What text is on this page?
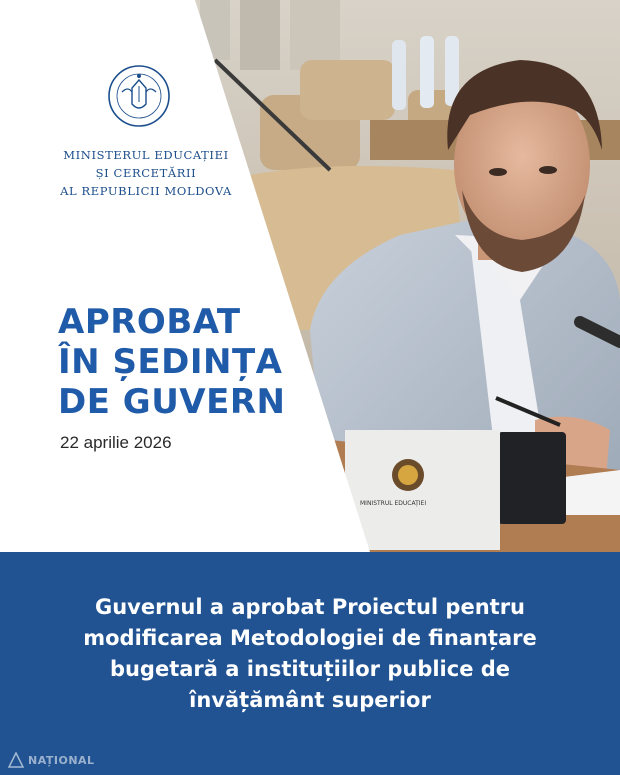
MINISTRUL EDUCAȚIEI
MINISTERUL EDUCAȚIEI
ȘI CERCETĂRII
AL REPUBLICII MOLDOVA
APROBAT
ÎN ȘEDINȚA
DE GUVERN
22 aprilie 2026
Guvernul a aprobat Proiectul pentru
modificarea Metodologiei de finanțare
bugetară a instituțiilor publice de
învățământ superior
NAȚIONAL
